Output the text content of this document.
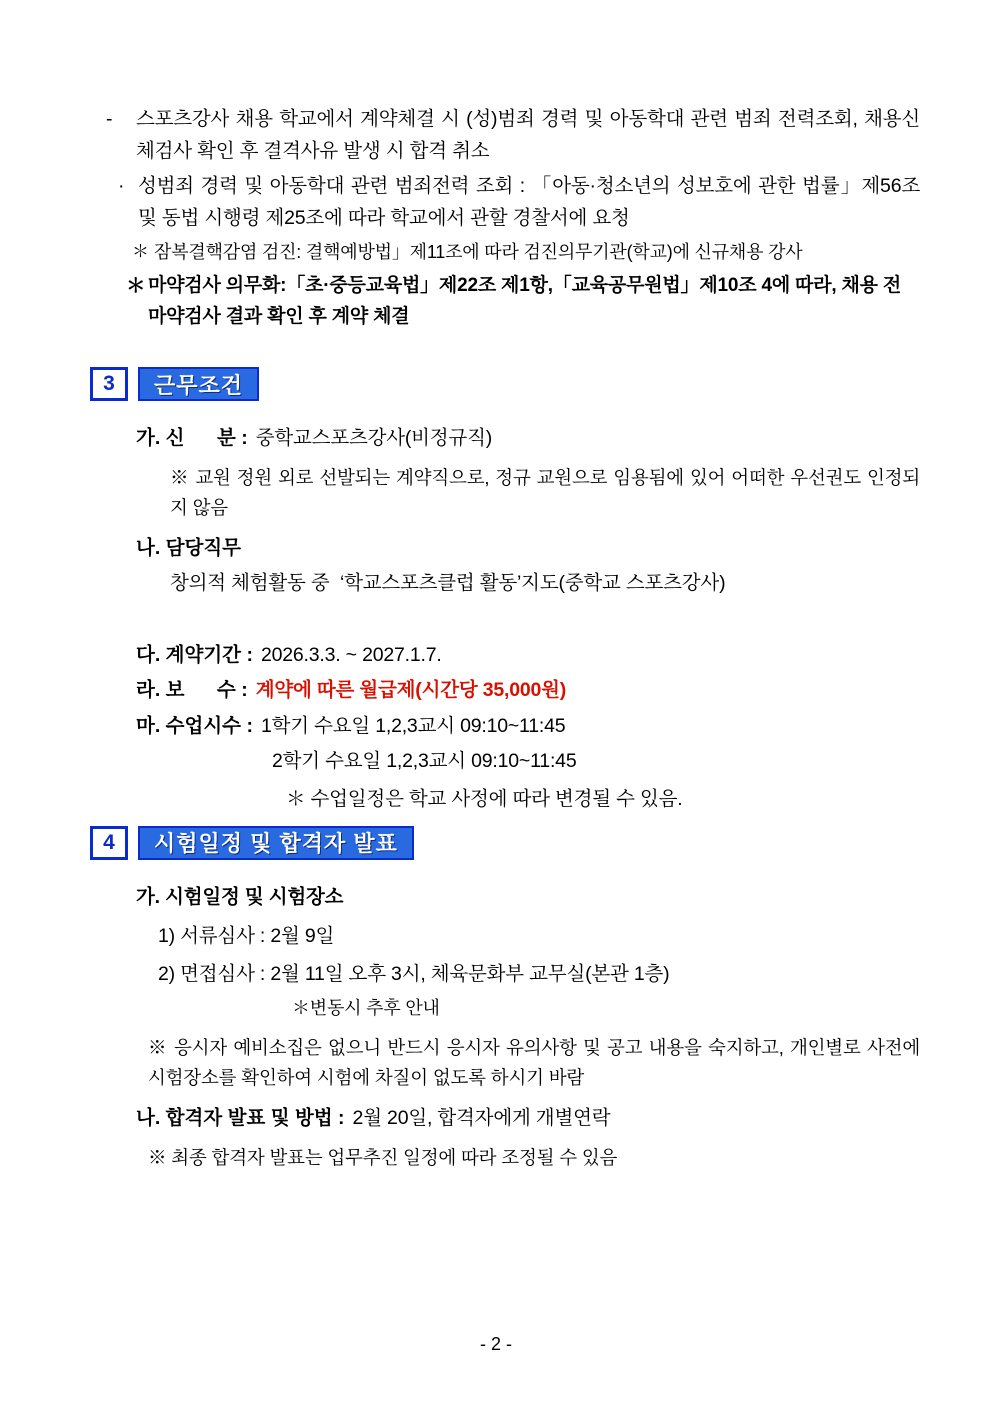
-	스포츠강사 채용 학교에서 계약체결 시 (성)범죄 경력 및 아동학대 관련 범죄 전력조회, 채용신체검사 확인 후 결격사유 발생 시 합격 취소
· 성범죄 경력 및 아동학대 관련 범죄전력 조회 : 「아동·청소년의 성보호에 관한 법률」제56조 및 동법 시행령 제25조에 따라 학교에서 관할 경찰서에 요청
＊ 잠복결핵감염 검진: 결핵예방법」제11조에 따라 검진의무기관(학교)에 신규채용 강사
＊ 마약검사 의무화:「초·중등교육법」제22조 제1항,「교육공무원법」제10조 4에 따라, 채용 전 마약검사 결과 확인 후 계약 체결
3	근무조건
가. 신      분 : 중학교스포츠강사(비정규직)
※ 교원 정원 외로 선발되는 계약직으로, 정규 교원으로 임용됨에 있어 어떠한 우선권도 인정되지 않음
나. 담당직무
창의적 체험활동 중  ‘학교스포츠클럽 활동’지도(중학교 스포츠강사)
다. 계약기간 : 2026.3.3. ~ 2027.1.7.
라. 보      수 : 계약에 따른 월급제(시간당 35,000원)
마. 수업시수 : 1학기 수요일 1,2,3교시 09:10~11:45
2학기 수요일 1,2,3교시 09:10~11:45
＊ 수업일정은 학교 사정에 따라 변경될 수 있음.
4	시험일정 및 합격자 발표
가. 시험일정 및 시험장소
1) 서류심사 : 2월 9일
2) 면접심사 : 2월 11일 오후 3시, 체육문화부 교무실(본관 1층)
＊변동시 추후 안내
※ 응시자 예비소집은 없으니 반드시 응시자 유의사항 및 공고 내용을 숙지하고, 개인별로 사전에 시험장소를 확인하여 시험에 차질이 없도록 하시기 바람
나. 합격자 발표 및 방법 : 2월 20일, 합격자에게 개별연락
※ 최종 합격자 발표는 업무추진 일정에 따라 조정될 수 있음
- 2 -
